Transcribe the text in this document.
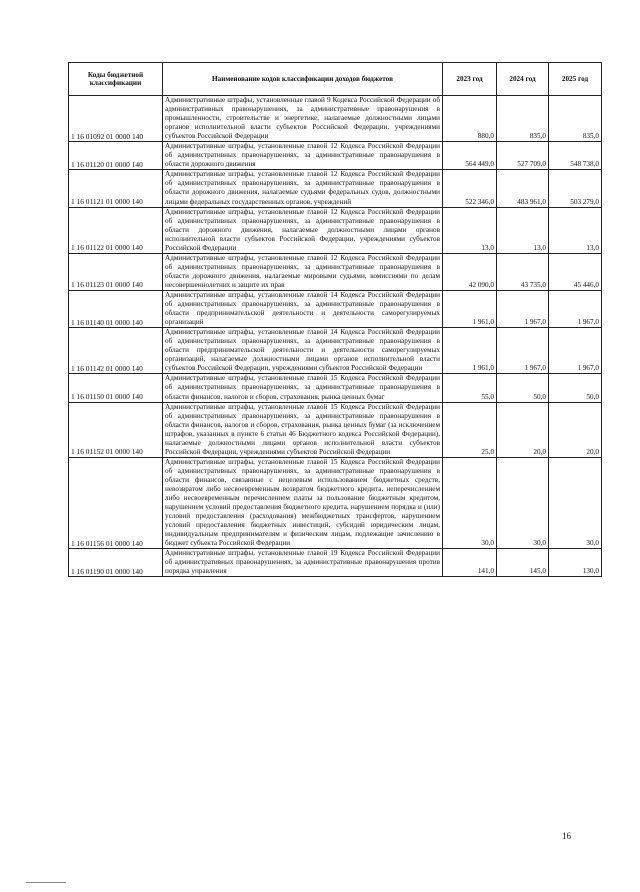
Коды бюджетной классификации	Наименование кодов классификации доходов бюджетов	2023 год	2024 год	2025 год
1 16 01092 01 0000 140	Административные штрафы, установленные главой 9 Кодекса Российской Федерации об административных правонарушениях, за административные правонарушения в промышленности, строительстве и энергетике, налагаемые должностными лицами органов исполнительной власти субъектов Российской Федерации, учреждениями субъектов Российской Федерации	880,0	835,0	835,0
1 16 01120 01 0000 140	Административные штрафы, установленные главой 12 Кодекса Российской Федерации об административных правонарушениях, за административные правонарушения в области дорожного движения	564 449,0	527 709,0	548 738,0
1 16 01121 01 0000 140	Административные штрафы, установленные главой 12 Кодекса Российской Федерации об административных правонарушениях, за административные правонарушения в области дорожного движения, налагаемые судьями федеральных судов, должностными лицами федеральных государственных органов, учреждений	522 346,0	483 961,0	503 279,0
1 16 01122 01 0000 140	Административные штрафы, установленные главой 12 Кодекса Российской Федерации об административных правонарушениях, за административные правонарушения в области дорожного движения, налагаемые должностными лицами органов исполнительной власти субъектов Российской Федерации, учреждениями субъектов Российской Федерации	13,0	13,0	13,0
1 16 01123 01 0000 140	Административные штрафы, установленные главой 12 Кодекса Российской Федерации об административных правонарушениях, за административные правонарушения в области дорожного движения, налагаемые мировыми судьями, комиссиями по делам несовершеннолетних и защите их прав	42 090,0	43 735,0	45 446,0
1 16 01140 01 0000 140	Административные штрафы, установленные главой 14 Кодекса Российской Федерации об административных правонарушениях, за административные правонарушения в области предпринимательской деятельности и деятельности саморегулируемых организаций	1 961,0	1 967,0	1 967,0
1 16 01142 01 0000 140	Административные штрафы, установленные главой 14 Кодекса Российской Федерации об административных правонарушениях, за административные правонарушения в области предпринимательской деятельности и деятельности саморегулируемых организаций, налагаемые должностными лицами органов исполнительной власти субъектов Российской Федерации, учреждениями субъектов Российской Федерации	1 961,0	1 967,0	1 967,0
1 16 01150 01 0000 140	Административные штрафы, установленные главой 15 Кодекса Российской Федерации об административных правонарушениях, за административные правонарушения в области финансов, налогов и сборов, страхования, рынка ценных бумаг	55,0	50,0	50,0
1 16 01152 01 0000 140	Административные штрафы, установленные главой 15 Кодекса Российской Федерации об административных правонарушениях, за административные правонарушения в области финансов, налогов и сборов, страхования, рынка ценных бумаг (за исключением штрафов, указанных в пункте 6 статьи 46 Бюджетного кодекса Российской Федерации), налагаемые должностными лицами органов исполнительной власти субъектов Российской Федерации, учреждениями субъектов Российской Федерации	25,0	20,0	20,0
1 16 01156 01 0000 140	Административные штрафы, установленные главой 15 Кодекса Российской Федерации об административных правонарушениях, за административные правонарушения в области финансов, связанные с нецелевым использованием бюджетных средств, невозвратом либо несвоевременным возвратом бюджетного кредита, неперечислением либо несвоевременным перечислением платы за пользование бюджетным кредитом, нарушением условий предоставления бюджетного кредита, нарушением порядка и (или) условий предоставления (расходования) межбюджетных трансфертов, нарушением условий предоставления бюджетных инвестиций, субсидий юридическим лицам, индивидуальным предпринимателям и физическим лицам, подлежащие зачислению в бюджет субъекта Российской Федерации	30,0	30,0	30,0
1 16 01190 01 0000 140	Административные штрафы, установленные главой 19 Кодекса Российской Федерации об административных правонарушениях, за административные правонарушения против порядка управления	141,0	145,0	130,0
16
